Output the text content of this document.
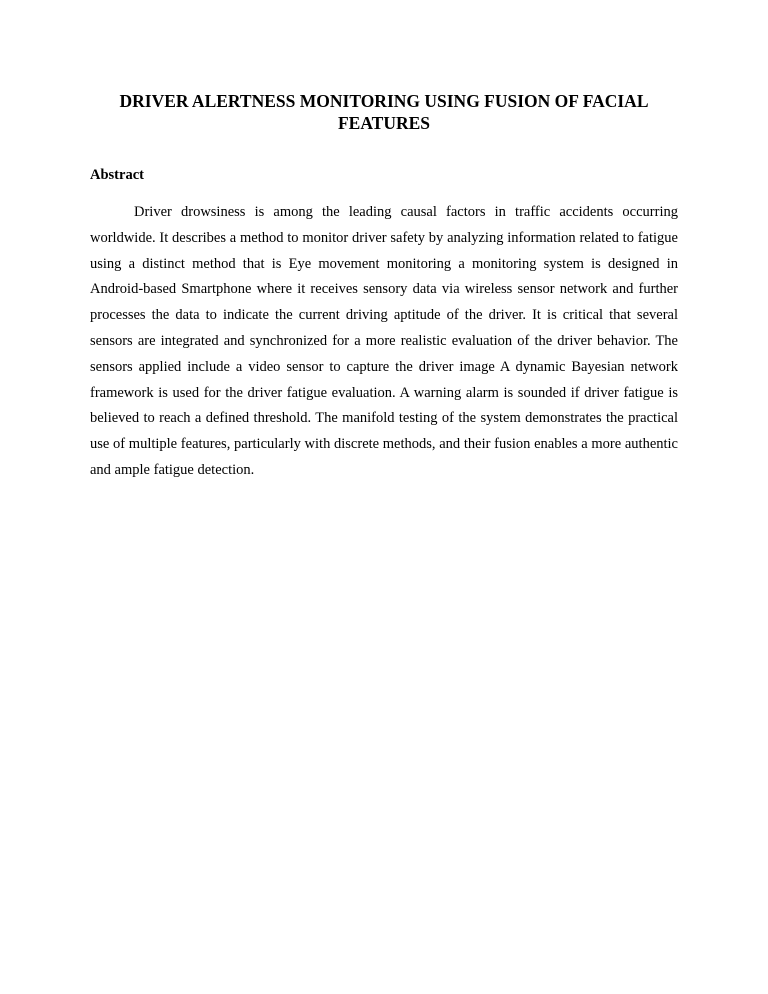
DRIVER ALERTNESS MONITORING USING FUSION OF FACIAL FEATURES
Abstract

Driver drowsiness is among the leading causal factors in traffic accidents occurring worldwide. It describes a method to monitor driver safety by analyzing information related to fatigue using a distinct method that is Eye movement monitoring a monitoring system is designed in Android-based Smartphone where it receives sensory data via wireless sensor network and further processes the data to indicate the current driving aptitude of the driver. It is critical that several sensors are integrated and synchronized for a more realistic evaluation of the driver behavior. The sensors applied include a video sensor to capture the driver image A dynamic Bayesian network framework is used for the driver fatigue evaluation. A warning alarm is sounded if driver fatigue is believed to reach a defined threshold. The manifold testing of the system demonstrates the practical use of multiple features, particularly with discrete methods, and their fusion enables a more authentic and ample fatigue detection.
